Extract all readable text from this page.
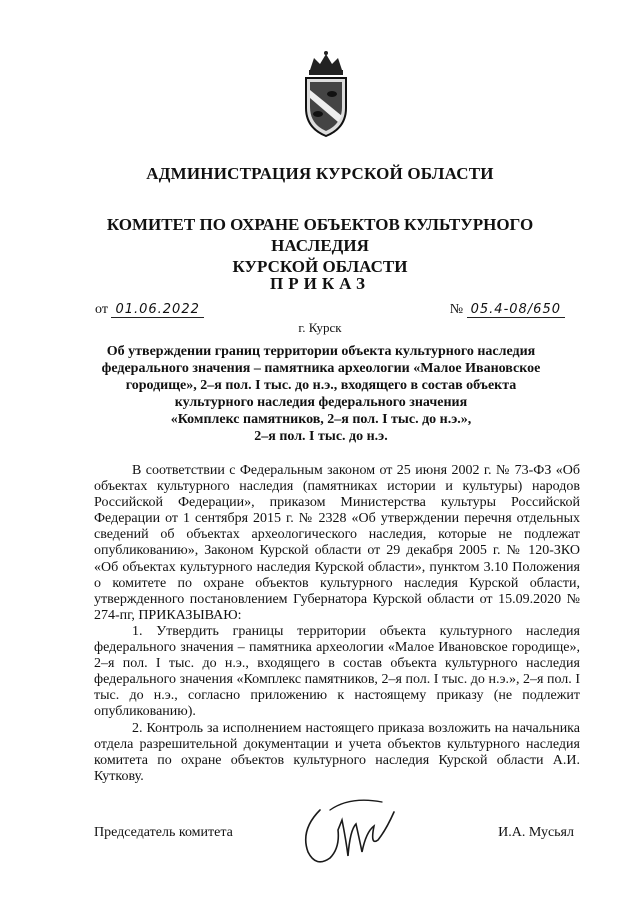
АДМИНИСТРАЦИЯ КУРСКОЙ ОБЛАСТИ
КОМИТЕТ ПО ОХРАНЕ ОБЪЕКТОВ КУЛЬТУРНОГО НАСЛЕДИЯ
КУРСКОЙ ОБЛАСТИ
ПРИКАЗ
от 01.06.2022	№ 05.4-08/650
г. Курск
Об утверждении границ территории объекта культурного наследия
федерального значения – памятника археологии «Малое Ивановское
городище», 2–я пол. I тыс. до н.э., входящего в состав объекта
культурного наследия федерального значения
«Комплекс памятников, 2–я пол. I тыс. до н.э.»,
2–я пол. I тыс. до н.э.

В соответствии с Федеральным законом от 25 июня 2002 г. № 73-ФЗ «Об объектах культурного наследия (памятниках истории и культуры) народов Российской Федерации», приказом Министерства культуры Российской Федерации от 1 сентября 2015 г. № 2328 «Об утверждении перечня отдельных сведений об объектах археологического наследия, которые не подлежат опубликованию», Законом Курской области от 29 декабря 2005 г. № 120-ЗКО «Об объектах культурного наследия Курской области», пунктом 3.10 Положения о комитете по охране объектов культурного наследия Курской области, утвержденного постановлением Губернатора Курской области от 15.09.2020 № 274-пг, ПРИКАЗЫВАЮ:

1. Утвердить границы территории объекта культурного наследия федерального значения – памятника археологии «Малое Ивановское городище», 2–я пол. I тыс. до н.э., входящего в состав объекта культурного наследия федерального значения «Комплекс памятников, 2–я пол. I тыс. до н.э.», 2–я пол. I тыс. до н.э., согласно приложению к настоящему приказу (не подлежит опубликованию).

2. Контроль за исполнением настоящего приказа возложить на начальника отдела разрешительной документации и учета объектов культурного наследия комитета по охране объектов культурного наследия Курской области А.И. Куткову.

Председатель комитета	И.А. Мусьял
